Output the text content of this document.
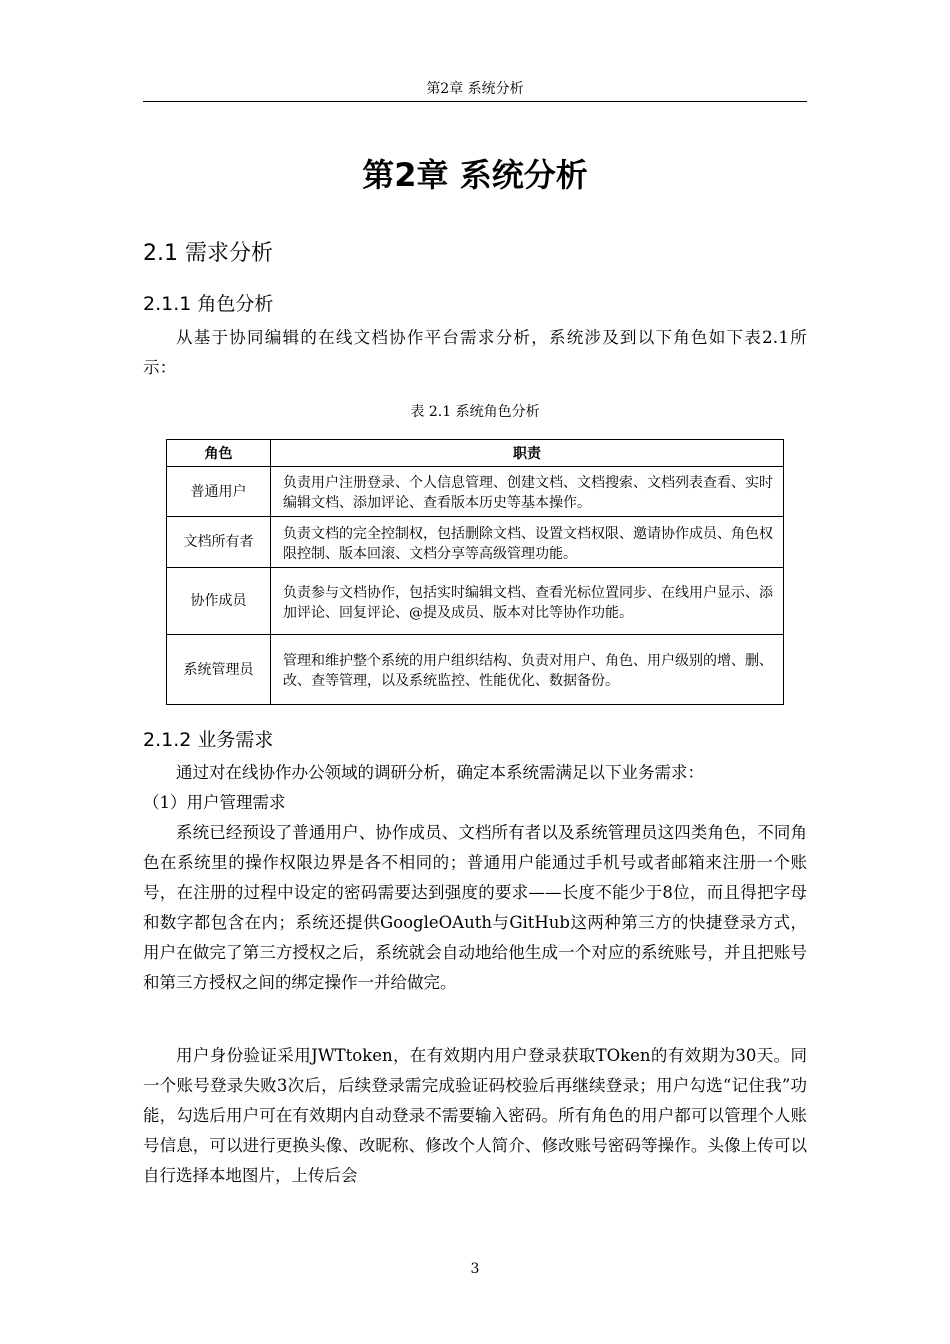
第2章 系统分析
第2章 系统分析
2.1 需求分析
2.1.1 角色分析

从基于协同编辑的在线文档协作平台需求分析，系统涉及到以下角色如下表2.1所示：

表 2.1 系统角色分析
角色	职责
普通用户	负责用户注册登录、个人信息管理、创建文档、文档搜索、文档列表查看、实时编辑文档、添加评论、查看版本历史等基本操作。
文档所有者	负责文档的完全控制权，包括删除文档、设置文档权限、邀请协作成员、角色权限控制、版本回滚、文档分享等高级管理功能。
协作成员	负责参与文档协作，包括实时编辑文档、查看光标位置同步、在线用户显示、添加评论、回复评论、@提及成员、版本对比等协作功能。
系统管理员	管理和维护整个系统的用户组织结构、负责对用户、角色、用户级别的增、删、改、查等管理，以及系统监控、性能优化、数据备份。
2.1.2 业务需求

通过对在线协作办公领域的调研分析，确定本系统需满足以下业务需求：

（1）用户管理需求

系统已经预设了普通用户、协作成员、文档所有者以及系统管理员这四类角色，不同角色在系统里的操作权限边界是各不相同的；普通用户能通过手机号或者邮箱来注册一个账号，在注册的过程中设定的密码需要达到强度的要求——长度不能少于8位，而且得把字母和数字都包含在内；系统还提供GoogleOAuth与GitHub这两种第三方的快捷登录方式，用户在做完了第三方授权之后，系统就会自动地给他生成一个对应的系统账号，并且把账号和第三方授权之间的绑定操作一并给做完。

用户身份验证采用JWTtoken，在有效期内用户登录获取TOken的有效期为30天。同一个账号登录失败3次后，后续登录需完成验证码校验后再继续登录；用户勾选“记住我”功能，勾选后用户可在有效期内自动登录不需要输入密码。所有角色的用户都可以管理个人账号信息，可以进行更换头像、改昵称、修改个人简介、修改账号密码等操作。头像上传可以自行选择本地图片，上传后会

3
